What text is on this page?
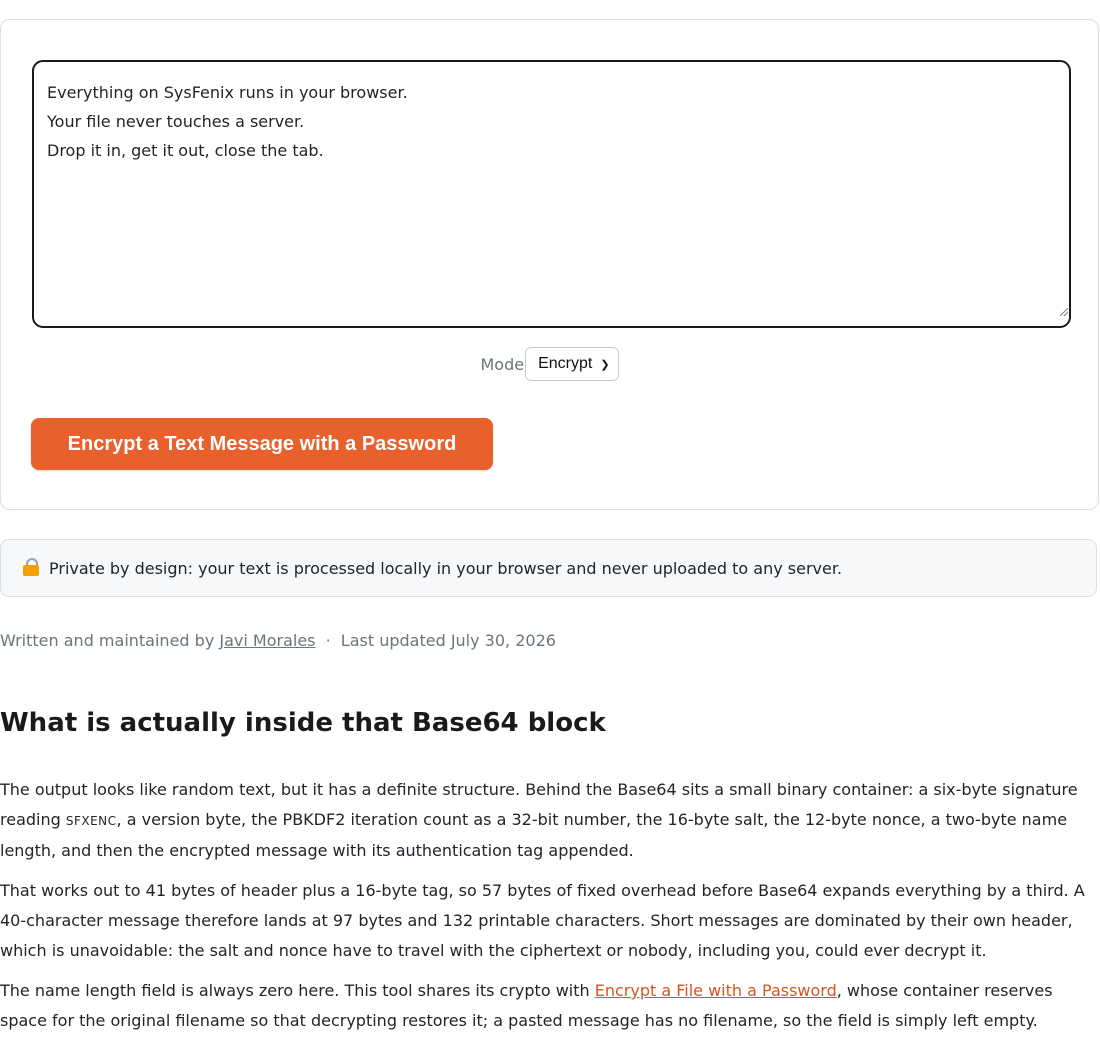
Everything on SysFenix runs in your browser.
Your file never touches a server.
Drop it in, get it out, close the tab.
Mode Encrypt ❯
Encrypt a Text Message with a Password
Private by design: your text is processed locally in your browser and never uploaded to any server.
Written and maintained by Javi Morales · Last updated July 30, 2026
What is actually inside that Base64 block

The output looks like random text, but it has a definite structure. Behind the Base64 sits a small binary container: a six-byte signature reading SFXENC, a version byte, the PBKDF2 iteration count as a 32-bit number, the 16-byte salt, the 12-byte nonce, a two-byte name length, and then the encrypted message with its authentication tag appended.

That works out to 41 bytes of header plus a 16-byte tag, so 57 bytes of fixed overhead before Base64 expands everything by a third. A 40-character message therefore lands at 97 bytes and 132 printable characters. Short messages are dominated by their own header, which is unavoidable: the salt and nonce have to travel with the ciphertext or nobody, including you, could ever decrypt it.

The name length field is always zero here. This tool shares its crypto with Encrypt a File with a Password, whose container reserves space for the original filename so that decrypting restores it; a pasted message has no filename, so the field is simply left empty.
